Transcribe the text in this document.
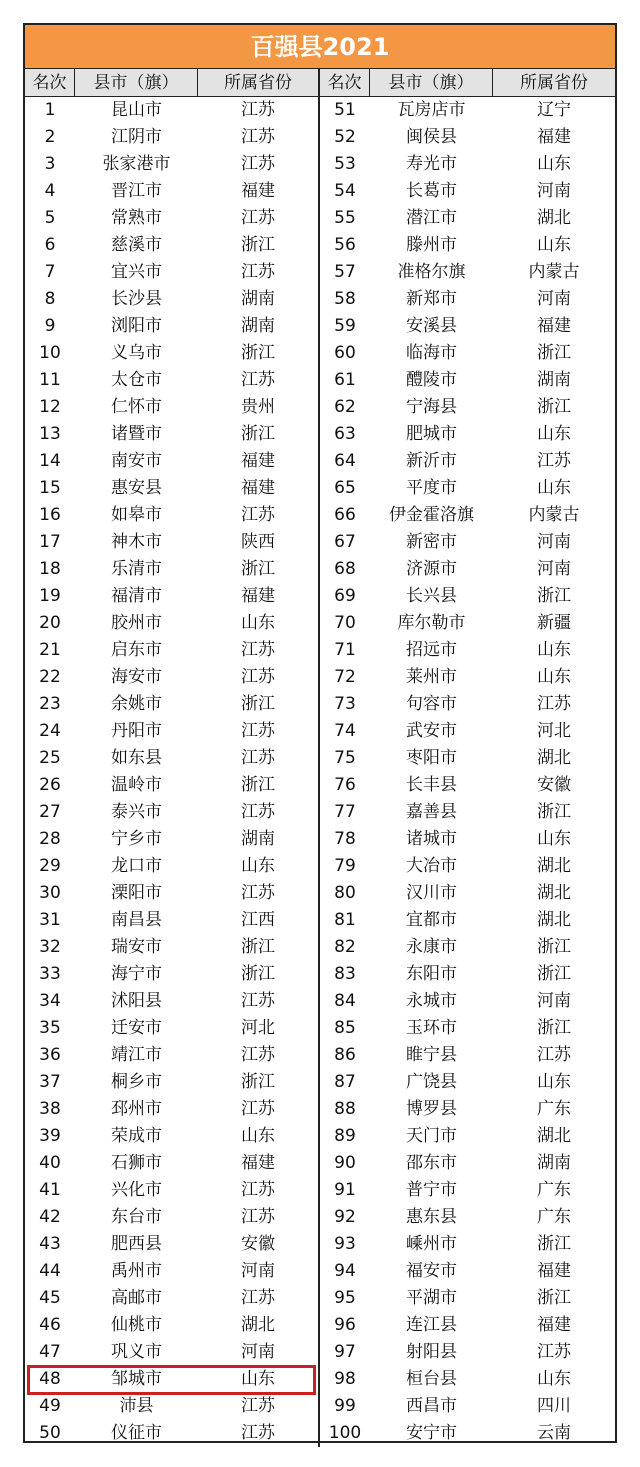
百强县2021
名次	县市（旗）	所属省份
1	昆山市	江苏
2	江阴市	江苏
3	张家港市	江苏
4	晋江市	福建
5	常熟市	江苏
6	慈溪市	浙江
7	宜兴市	江苏
8	长沙县	湖南
9	浏阳市	湖南
10	义乌市	浙江
11	太仓市	江苏
12	仁怀市	贵州
13	诸暨市	浙江
14	南安市	福建
15	惠安县	福建
16	如皋市	江苏
17	神木市	陕西
18	乐清市	浙江
19	福清市	福建
20	胶州市	山东
21	启东市	江苏
22	海安市	江苏
23	余姚市	浙江
24	丹阳市	江苏
25	如东县	江苏
26	温岭市	浙江
27	泰兴市	江苏
28	宁乡市	湖南
29	龙口市	山东
30	溧阳市	江苏
31	南昌县	江西
32	瑞安市	浙江
33	海宁市	浙江
34	沭阳县	江苏
35	迁安市	河北
36	靖江市	江苏
37	桐乡市	浙江
38	邳州市	江苏
39	荣成市	山东
40	石狮市	福建
41	兴化市	江苏
42	东台市	江苏
43	肥西县	安徽
44	禹州市	河南
45	高邮市	江苏
46	仙桃市	湖北
47	巩义市	河南
48	邹城市	山东
49	沛县	江苏
50	仪征市	江苏
名次	县市（旗）	所属省份
51	瓦房店市	辽宁
52	闽侯县	福建
53	寿光市	山东
54	长葛市	河南
55	潜江市	湖北
56	滕州市	山东
57	准格尔旗	内蒙古
58	新郑市	河南
59	安溪县	福建
60	临海市	浙江
61	醴陵市	湖南
62	宁海县	浙江
63	肥城市	山东
64	新沂市	江苏
65	平度市	山东
66	伊金霍洛旗	内蒙古
67	新密市	河南
68	济源市	河南
69	长兴县	浙江
70	库尔勒市	新疆
71	招远市	山东
72	莱州市	山东
73	句容市	江苏
74	武安市	河北
75	枣阳市	湖北
76	长丰县	安徽
77	嘉善县	浙江
78	诸城市	山东
79	大冶市	湖北
80	汉川市	湖北
81	宜都市	湖北
82	永康市	浙江
83	东阳市	浙江
84	永城市	河南
85	玉环市	浙江
86	睢宁县	江苏
87	广饶县	山东
88	博罗县	广东
89	天门市	湖北
90	邵东市	湖南
91	普宁市	广东
92	惠东县	广东
93	嵊州市	浙江
94	福安市	福建
95	平湖市	浙江
96	连江县	福建
97	射阳县	江苏
98	桓台县	山东
99	西昌市	四川
100	安宁市	云南
